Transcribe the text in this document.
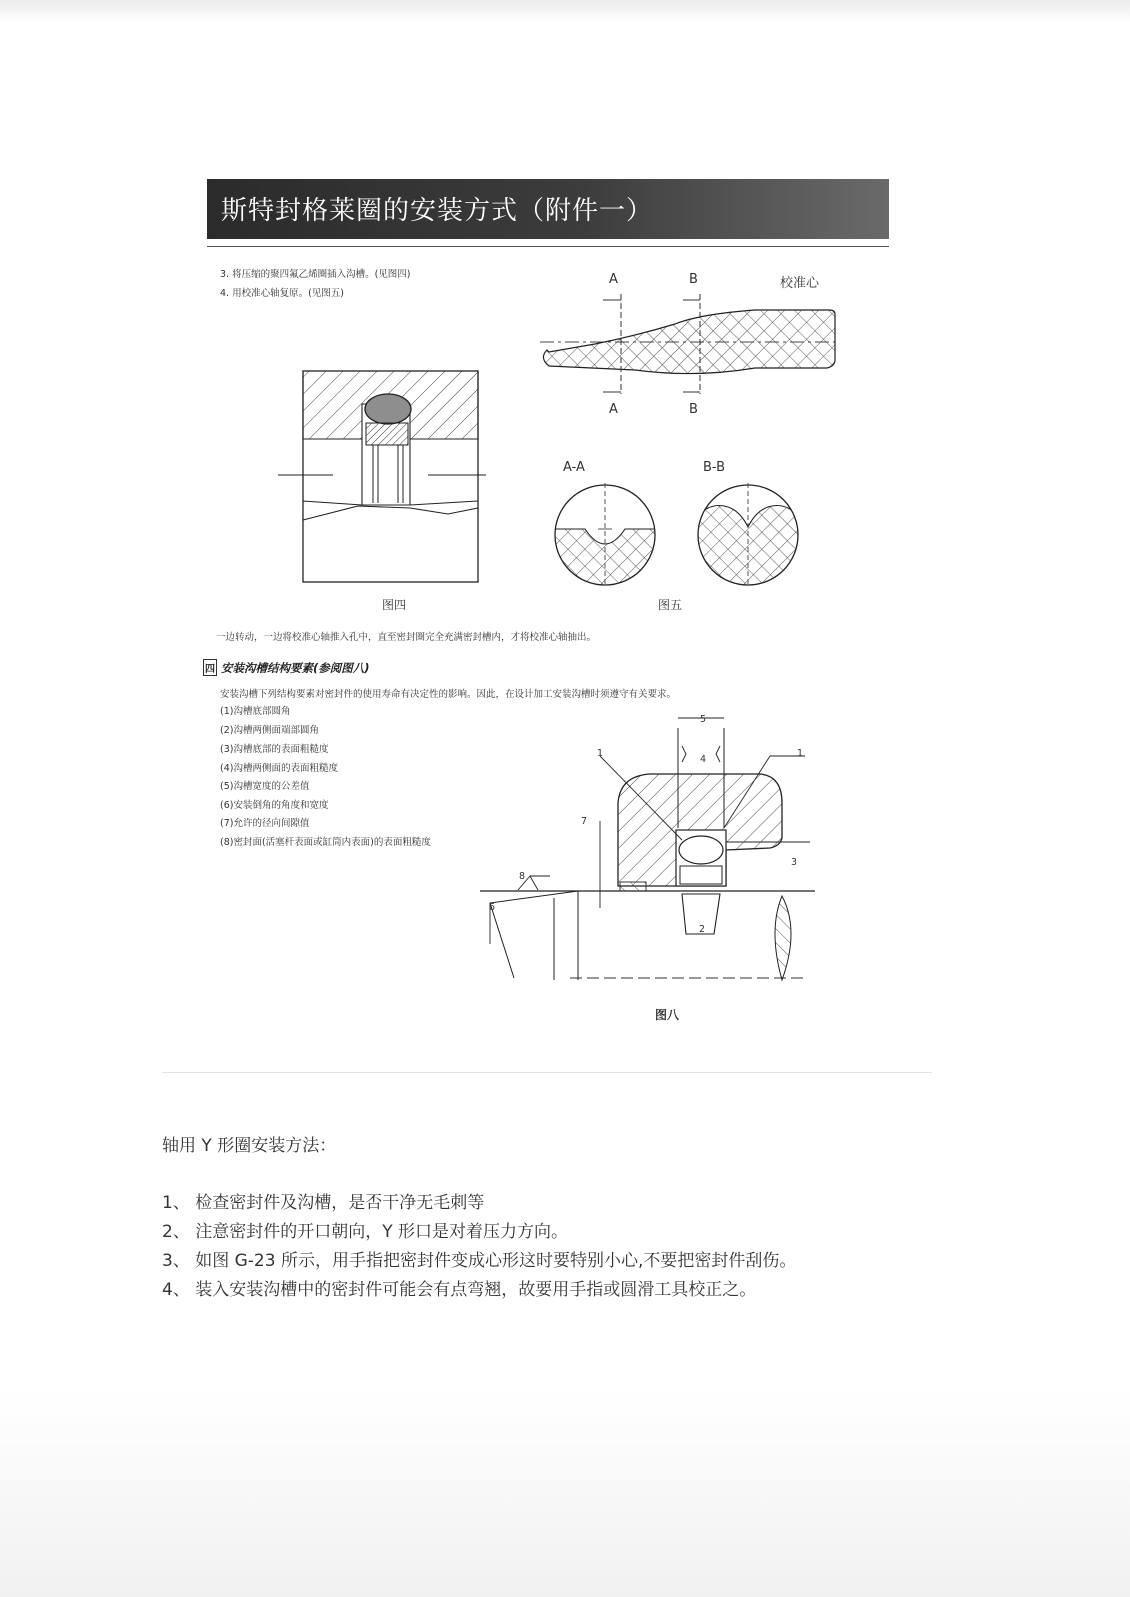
斯特封格莱圈的安装方式（附件一）
3. 将压缩的聚四氟乙烯圈插入沟槽。(见图四)
4. 用校准心轴复原。(见图五)
图四
A	B	校准心
A	B
A-A	B-B
图五
一边转动，一边将校准心轴推入孔中，直至密封圈完全充满密封槽内，才将校准心轴抽出。
四 安装沟槽结构要素(参阅图八)
安装沟槽下列结构要素对密封件的使用寿命有决定性的影响。因此，在设计加工安装沟槽时须遵守有关要求。
(1)沟槽底部圆角
(2)沟槽两侧面端部圆角
(3)沟槽底部的表面粗糙度
(4)沟槽两侧面的表面粗糙度
(5)沟槽宽度的公差值
(6)安装倒角的角度和宽度
(7)允许的径向间隙值
(8)密封面(活塞杆表面或缸筒内表面)的表面粗糙度
1	1
2
3
4
5
6
7
8
图八
轴用 Y 形圈安装方法：
1、 检查密封件及沟槽，是否干净无毛刺等
2、 注意密封件的开口朝向，Y 形口是对着压力方向。
3、 如图 G-23 所示，用手指把密封件变成心形这时要特别小心,不要把密封件刮伤。
4、 装入安装沟槽中的密封件可能会有点弯翘，故要用手指或圆滑工具校正之。
